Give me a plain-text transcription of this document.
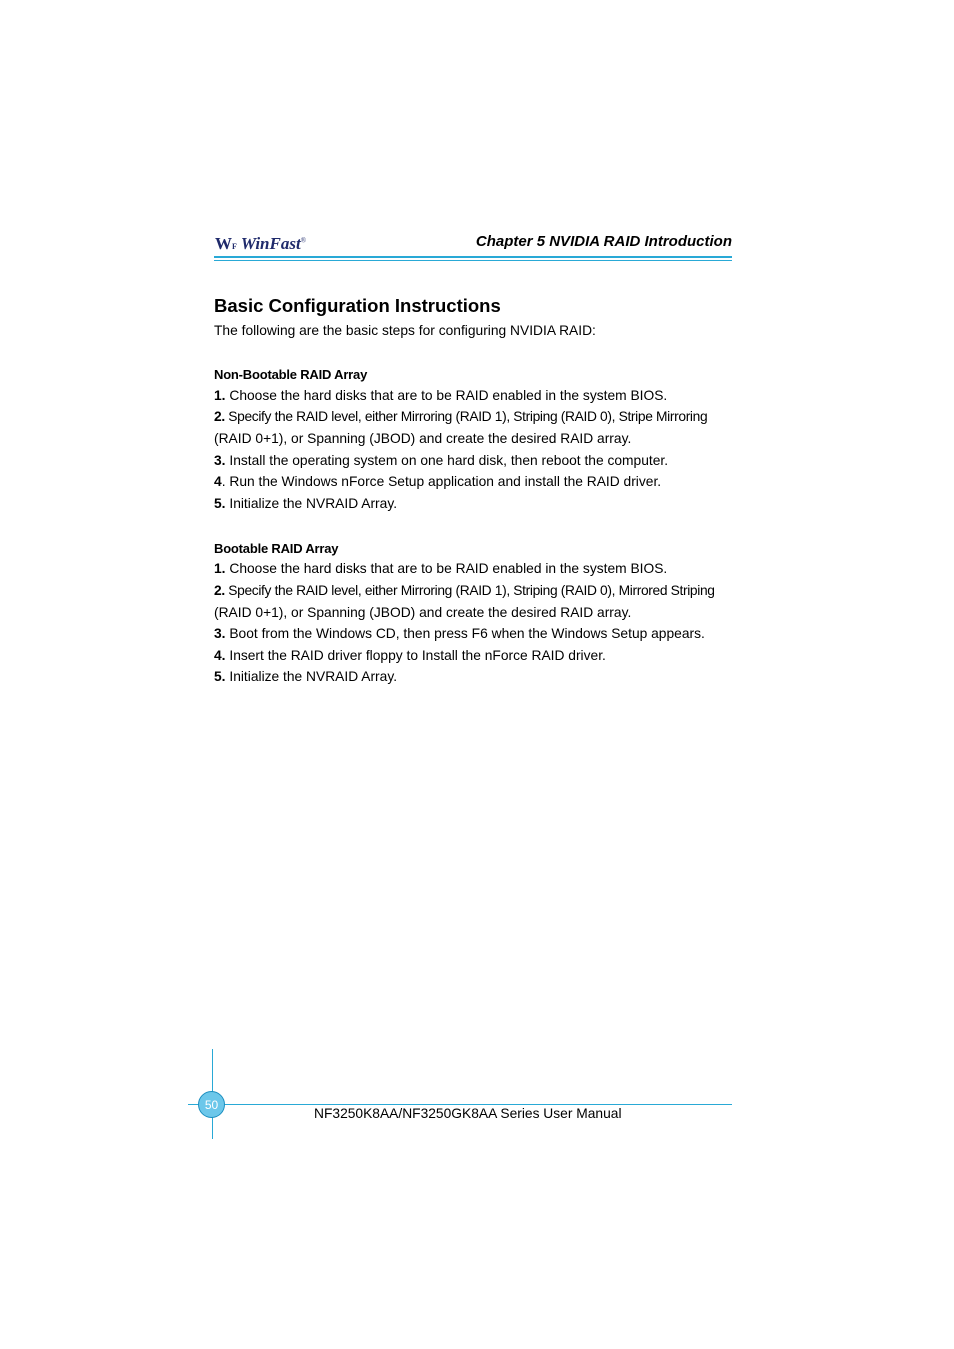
WF WinFast®	Chapter 5 NVIDIA RAID Introduction
Basic Configuration Instructions
The following are the basic steps for configuring NVIDIA RAID:
Non-Bootable RAID Array
1. Choose the hard disks that are to be RAID enabled in the system BIOS.
2. Specify the RAID level, either Mirroring (RAID 1), Striping (RAID 0), Stripe Mirroring
(RAID 0+1), or Spanning (JBOD) and create the desired RAID array.
3. Install the operating system on one hard disk, then reboot the computer.
4. Run the Windows nForce Setup application and install the RAID driver.
5. Initialize the NVRAID Array.
Bootable RAID Array
1. Choose the hard disks that are to be RAID enabled in the system BIOS.
2. Specify the RAID level, either Mirroring (RAID 1), Striping (RAID 0), Mirrored Striping
(RAID 0+1), or Spanning (JBOD) and create the desired RAID array.
3. Boot from the Windows CD, then press F6 when the Windows Setup appears.
4. Insert the RAID driver floppy to Install the nForce RAID driver.
5. Initialize the NVRAID Array.
50
NF3250K8AA/NF3250GK8AA Series User Manual
